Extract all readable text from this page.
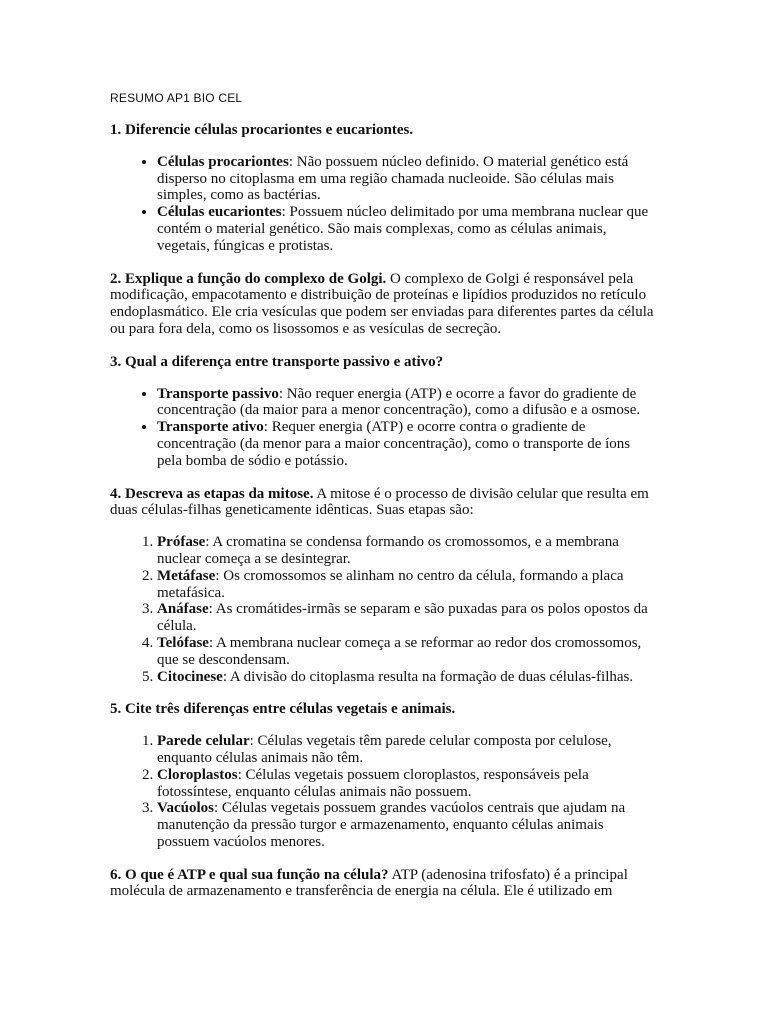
RESUMO AP1 BIO CEL

1. Diferencie células procariontes e eucariontes.

• Células procariontes: Não possuem núcleo definido. O material genético está disperso no citoplasma em uma região chamada nucleoide. São células mais simples, como as bactérias.
• Células eucariontes: Possuem núcleo delimitado por uma membrana nuclear que contém o material genético. São mais complexas, como as células animais, vegetais, fúngicas e protistas.

2. Explique a função do complexo de Golgi. O complexo de Golgi é responsável pela modificação, empacotamento e distribuição de proteínas e lipídios produzidos no retículo endoplasmático. Ele cria vesículas que podem ser enviadas para diferentes partes da célula ou para fora dela, como os lisossomos e as vesículas de secreção.

3. Qual a diferença entre transporte passivo e ativo?

• Transporte passivo: Não requer energia (ATP) e ocorre a favor do gradiente de concentração (da maior para a menor concentração), como a difusão e a osmose.
• Transporte ativo: Requer energia (ATP) e ocorre contra o gradiente de concentração (da menor para a maior concentração), como o transporte de íons pela bomba de sódio e potássio.

4. Descreva as etapas da mitose. A mitose é o processo de divisão celular que resulta em duas células-filhas geneticamente idênticas. Suas etapas são:

1. Prófase: A cromatina se condensa formando os cromossomos, e a membrana nuclear começa a se desintegrar.
2. Metáfase: Os cromossomos se alinham no centro da célula, formando a placa metafásica.
3. Anáfase: As cromátides-irmãs se separam e são puxadas para os polos opostos da célula.
4. Telófase: A membrana nuclear começa a se reformar ao redor dos cromossomos, que se descondensam.
5. Citocinese: A divisão do citoplasma resulta na formação de duas células-filhas.

5. Cite três diferenças entre células vegetais e animais.

1. Parede celular: Células vegetais têm parede celular composta por celulose, enquanto células animais não têm.
2. Cloroplastos: Células vegetais possuem cloroplastos, responsáveis pela fotossíntese, enquanto células animais não possuem.
3. Vacúolos: Células vegetais possuem grandes vacúolos centrais que ajudam na manutenção da pressão turgor e armazenamento, enquanto células animais possuem vacúolos menores.

6. O que é ATP e qual sua função na célula? ATP (adenosina trifosfato) é a principal molécula de armazenamento e transferência de energia na célula. Ele é utilizado em
